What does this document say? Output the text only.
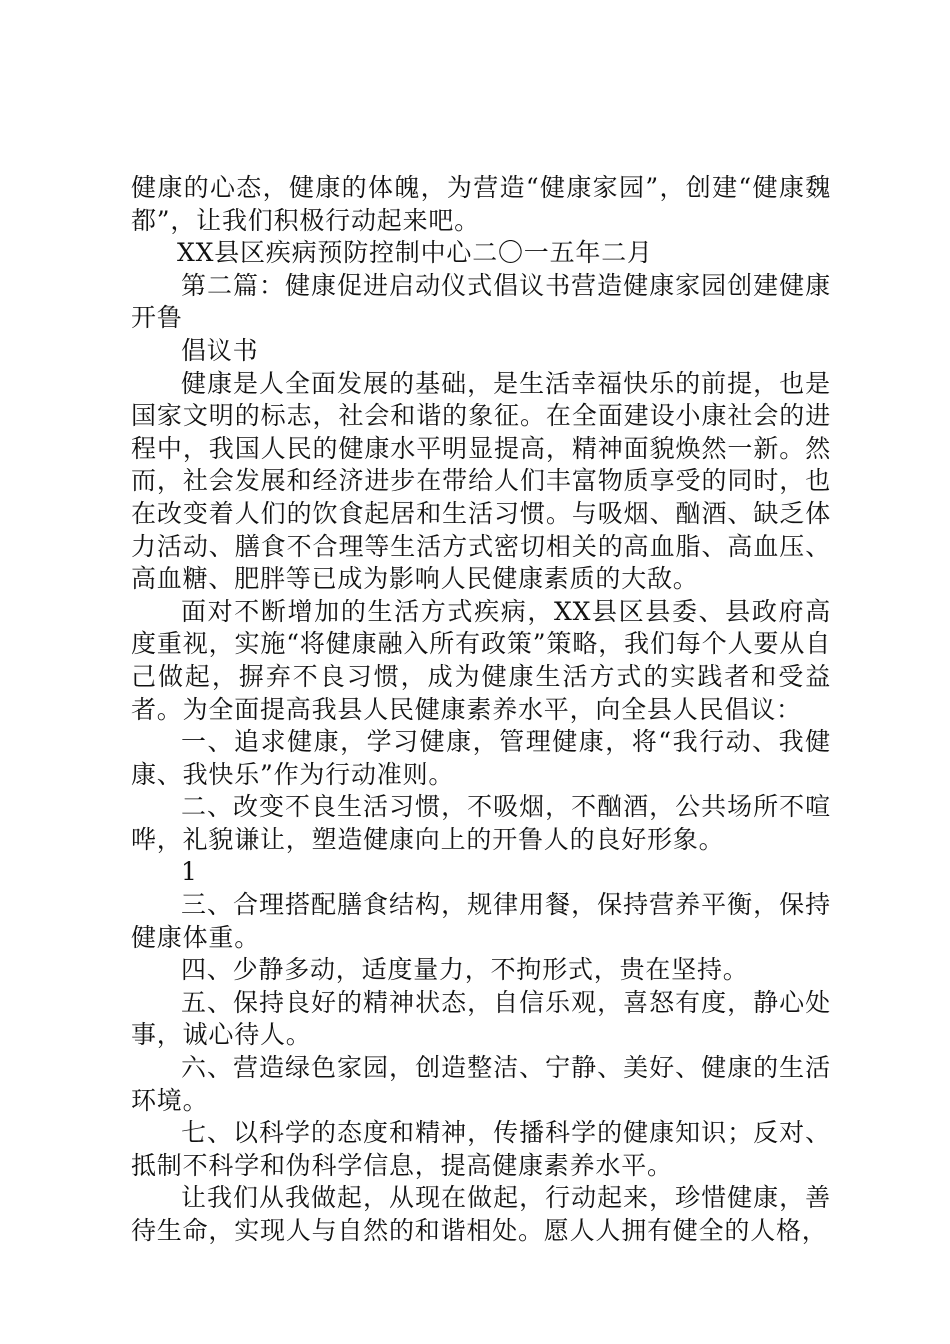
健康的心态，健康的体魄，为营造“健康家园”，创建“健康魏都”，让我们积极行动起来吧。

XX县区疾病预防控制中心二〇一五年二月

第二篇：健康促进启动仪式倡议书营造健康家园创建健康开鲁

倡议书

健康是人全面发展的基础，是生活幸福快乐的前提，也是国家文明的标志，社会和谐的象征。在全面建设小康社会的进程中，我国人民的健康水平明显提高，精神面貌焕然一新。然而，社会发展和经济进步在带给人们丰富物质享受的同时，也在改变着人们的饮食起居和生活习惯。与吸烟、酗酒、缺乏体力活动、膳食不合理等生活方式密切相关的高血脂、高血压、高血糖、肥胖等已成为影响人民健康素质的大敌。

面对不断增加的生活方式疾病，XX县区县委、县政府高度重视，实施“将健康融入所有政策”策略，我们每个人要从自己做起，摒弃不良习惯，成为健康生活方式的实践者和受益者。为全面提高我县人民健康素养水平，向全县人民倡议：

一、追求健康，学习健康，管理健康，将“我行动、我健康、我快乐”作为行动准则。

二、改变不良生活习惯，不吸烟，不酗酒，公共场所不喧哗，礼貌谦让，塑造健康向上的开鲁人的良好形象。

1

三、合理搭配膳食结构，规律用餐，保持营养平衡，保持健康体重。

四、少静多动，适度量力，不拘形式，贵在坚持。

五、保持良好的精神状态，自信乐观，喜怒有度，静心处事，诚心待人。

六、营造绿色家园，创造整洁、宁静、美好、健康的生活环境。

七、以科学的态度和精神，传播科学的健康知识；反对、抵制不科学和伪科学信息，提高健康素养水平。

让我们从我做起，从现在做起，行动起来，珍惜健康，善待生命，实现人与自然的和谐相处。愿人人拥有健全的人格，
